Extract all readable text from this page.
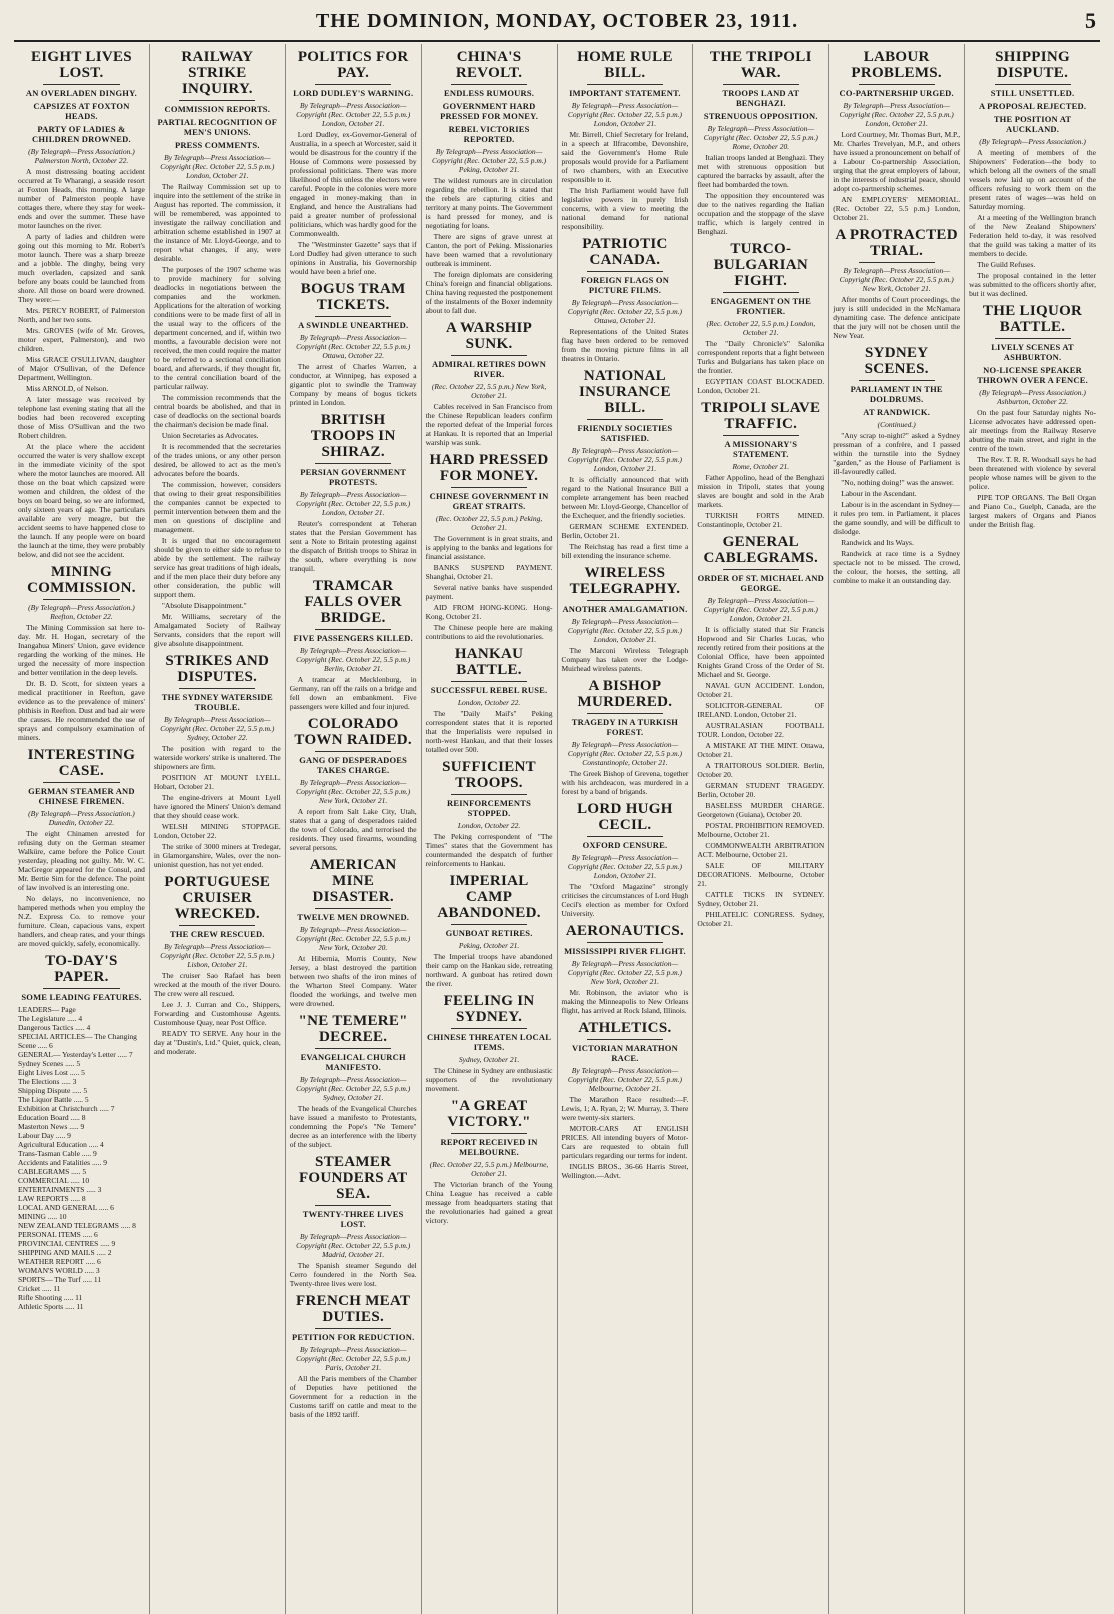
THE DOMINION, MONDAY, OCTOBER 23, 1911.	5
EIGHT LIVES LOST.
AN OVERLADEN DINGHY.
CAPSIZES AT FOXTON HEADS.
PARTY OF LADIES & CHILDREN DROWNED.
(By Telegraph—Press Association.) Palmerston North, October 22.

A most distressing boating accident occurred at Te Wharangi, a seaside resort at Foxton Heads, this morning. A large number of Palmerston people have cottages there, where they stay for week-ends and over the summer. These have motor launches on the river.

A party of ladies and children were going out this morning to Mr. Robert's motor launch. There was a sharp breeze and a jobble. The dinghy, being very much overladen, capsized and sank before any boats could be launched from shore. All those on board were drowned. They were:—

Mrs. PERCY ROBERT, of Palmerston North, and her two sons.

Mrs. GROVES (wife of Mr. Groves, motor expert, Palmerston), and two children.

Miss GRACE O'SULLIVAN, daughter of Major O'Sullivan, of the Defence Department, Wellington.

Miss ARNOLD, of Nelson.

A later message was received by telephone last evening stating that all the bodies had been recovered excepting those of Miss O'Sullivan and the two Robert children.

At the place where the accident occurred the water is very shallow except in the immediate vicinity of the spot where the motor launches are moored. All those on the boat which capsized were women and children, the oldest of the boys on board being, so we are informed, only sixteen years of age. The particulars available are very meagre, but the accident seems to have happened close to the launch. If any people were on board the launch at the time, they were probably below, and did not see the accident.

MINING COMMISSION.
(By Telegraph—Press Association.) Reefton, October 22.

The Mining Commission sat here to-day. Mr. H. Hogan, secretary of the Inangahua Miners' Union, gave evidence regarding the working of the mines. He urged the necessity of more inspection and better ventilation in the deep levels.

Dr. B. D. Scott, for sixteen years a medical practitioner in Reefton, gave evidence as to the prevalence of miners' phthisis in Reefton. Dust and bad air were the causes. He recommended the use of sprays and compulsory examination of miners.

INTERESTING CASE.
GERMAN STEAMER AND CHINESE FIREMEN.
(By Telegraph—Press Association.) Dunedin, October 22.

The eight Chinamen arrested for refusing duty on the German steamer Walküre, came before the Police Court yesterday, pleading not guilty. Mr. W. C. MacGregor appeared for the Consul, and Mr. Bertie Sim for the defence. The point of law involved is an interesting one.

No delays, no inconvenience, no hampered methods when you employ the N.Z. Express Co. to remove your furniture. Clean, capacious vans, expert handlers, and cheap rates, and your things are moved quickly, safely, economically.

TO-DAY'S PAPER.
SOME LEADING FEATURES.
LEADERS— Page
The Legislature ..... 4
Dangerous Tactics ..... 4
SPECIAL ARTICLES— The Changing Scene ..... 6
GENERAL— Yesterday's Letter ..... 7
Sydney Scenes ..... 5
Eight Lives Lost ..... 5
The Elections ..... 3
Shipping Dispute ..... 5
The Liquor Battle ..... 5
Exhibition at Christchurch ..... 7
Education Board ..... 8
Masterton News ..... 9
Labour Day ..... 9
Agricultural Education ..... 4
Trans-Tasman Cable ..... 9
Accidents and Fatalities ..... 9
CABLEGRAMS ..... 5
COMMERCIAL ..... 10
ENTERTAINMENTS ..... 3
LAW REPORTS ..... 8
LOCAL AND GENERAL ..... 6
MINING ..... 10
NEW ZEALAND TELEGRAMS ..... 8
PERSONAL ITEMS ..... 6
PROVINCIAL CENTRES ..... 9
SHIPPING AND MAILS ..... 2
WEATHER REPORT ..... 6
WOMAN'S WORLD ..... 3
SPORTS— The Turf ..... 11
Cricket ..... 11
Rifle Shooting ..... 11
Athletic Sports ..... 11
RAILWAY STRIKE INQUIRY.
COMMISSION REPORTS.
PARTIAL RECOGNITION OF MEN'S UNIONS.
PRESS COMMENTS.
By Telegraph—Press Association—Copyright (Rec. October 22, 5.5 p.m.) London, October 21.

The Railway Commission set up to inquire into the settlement of the strike in August has reported. The commission, it will be remembered, was appointed to investigate the railway conciliation and arbitration scheme established in 1907 at the instance of Mr. Lloyd-George, and to report what changes, if any, were desirable.

The purposes of the 1907 scheme was to provide machinery for solving deadlocks in negotiations between the companies and the workmen. Applications for the alteration of working conditions were to be made first of all in the usual way to the officers of the department concerned, and if, within two months, a favourable decision were not received, the men could require the matter to be referred to a sectional conciliation board, and afterwards, if they thought fit, to the central conciliation board of the particular railway.

The commission recommends that the central boards be abolished, and that in case of deadlocks on the sectional boards the chairman's decision be made final.

Union Secretaries as Advocates.

It is recommended that the secretaries of the trades unions, or any other person desired, be allowed to act as the men's advocates before the boards.

The commission, however, considers that owing to their great responsibilities the companies cannot be expected to permit intervention between them and the men on questions of discipline and management.

It is urged that no encouragement should be given to either side to refuse to abide by the settlement. The railway service has great traditions of high ideals, and if the men place their duty before any other consideration, the public will support them.

"Absolute Disappointment."

Mr. Williams, secretary of the Amalgamated Society of Railway Servants, considers that the report will give absolute disappointment.

STRIKES AND DISPUTES.
THE SYDNEY WATERSIDE TROUBLE.
By Telegraph—Press Association—Copyright (Rec. October 22, 5.5 p.m.) Sydney, October 22.

The position with regard to the waterside workers' strike is unaltered. The shipowners are firm.

POSITION AT MOUNT LYELL. Hobart, October 21.

The engine-drivers at Mount Lyell have ignored the Miners' Union's demand that they should cease work.

WELSH MINING STOPPAGE. London, October 22.

The strike of 3000 miners at Tredegar, in Glamorganshire, Wales, over the non-unionist question, has not yet ended.

PORTUGUESE CRUISER WRECKED.
THE CREW RESCUED.
By Telegraph—Press Association—Copyright (Rec. October 22, 5.5 p.m.) Lisbon, October 21.

The cruiser Sao Rafael has been wrecked at the mouth of the river Douro. The crew were all rescued.

Lee J. J. Curran and Co., Shippers, Forwarding and Customhouse Agents. Customhouse Quay, near Post Office.

READY TO SERVE. Any hour in the day at "Dustin's, Ltd." Quiet, quick, clean, and moderate.

POLITICS FOR PAY.
LORD DUDLEY'S WARNING.
By Telegraph—Press Association—Copyright (Rec. October 22, 5.5 p.m.) London, October 21.

Lord Dudley, ex-Governor-General of Australia, in a speech at Worcester, said it would be disastrous for the country if the House of Commons were possessed by professional politicians. There was more likelihood of this unless the electors were careful. People in the colonies were more engaged in money-making than in England, and hence the Australians had paid a greater number of professional politicians, which was hardly good for the Commonwealth.

The "Westminster Gazette" says that if Lord Dudley had given utterance to such opinions in Australia, his Governorship would have been a brief one.

BOGUS TRAM TICKETS.
A SWINDLE UNEARTHED.
By Telegraph—Press Association—Copyright (Rec. October 22, 5.5 p.m.) Ottawa, October 22.

The arrest of Charles Warren, a conductor, at Winnipeg, has exposed a gigantic plot to swindle the Tramway Company by means of bogus tickets printed in London.

BRITISH TROOPS IN SHIRAZ.
PERSIAN GOVERNMENT PROTESTS.
By Telegraph—Press Association—Copyright (Rec. October 22, 5.5 p.m.) London, October 21.

Reuter's correspondent at Teheran states that the Persian Government has sent a Note to Britain protesting against the dispatch of British troops to Shiraz in the south, where everything is now tranquil.

TRAMCAR FALLS OVER BRIDGE.
FIVE PASSENGERS KILLED.
By Telegraph—Press Association—Copyright (Rec. October 22, 5.5 p.m.) Berlin, October 21.

A tramcar at Mecklenburg, in Germany, ran off the rails on a bridge and fell down an embankment. Five passengers were killed and four injured.

COLORADO TOWN RAIDED.
GANG OF DESPERADOES TAKES CHARGE.
By Telegraph—Press Association—Copyright (Rec. October 22, 5.5 p.m.) New York, October 21.

A report from Salt Lake City, Utah, states that a gang of desperadoes raided the town of Colorado, and terrorised the residents. They used firearms, wounding several persons.

AMERICAN MINE DISASTER.
TWELVE MEN DROWNED.
By Telegraph—Press Association—Copyright (Rec. October 22, 5.5 p.m.) New York, October 20.

At Hibernia, Morris County, New Jersey, a blast destroyed the partition between two shafts of the iron mines of the Wharton Steel Company. Water flooded the workings, and twelve men were drowned.

"NE TEMERE" DECREE.
EVANGELICAL CHURCH MANIFESTO.
By Telegraph—Press Association—Copyright (Rec. October 22, 5.5 p.m.) Sydney, October 21.

The heads of the Evangelical Churches have issued a manifesto to Protestants, condemning the Pope's "Ne Temere" decree as an interference with the liberty of the subject.

STEAMER FOUNDERS AT SEA.
TWENTY-THREE LIVES LOST.
By Telegraph—Press Association—Copyright (Rec. October 22, 5.5 p.m.) Madrid, October 21.

The Spanish steamer Segundo del Cerro foundered in the North Sea. Twenty-three lives were lost.

FRENCH MEAT DUTIES.
PETITION FOR REDUCTION.
By Telegraph—Press Association—Copyright (Rec. October 22, 5.5 p.m.) Paris, October 21.

All the Paris members of the Chamber of Deputies have petitioned the Government for a reduction in the Customs tariff on cattle and meat to the basis of the 1892 tariff.

CHINA'S REVOLT.
ENDLESS RUMOURS.
GOVERNMENT HARD PRESSED FOR MONEY.
REBEL VICTORIES REPORTED.
By Telegraph—Press Association—Copyright (Rec. October 22, 5.5 p.m.) Peking, October 21.

The wildest rumours are in circulation regarding the rebellion. It is stated that the rebels are capturing cities and territory at many points. The Government is hard pressed for money, and is negotiating for loans.

There are signs of grave unrest at Canton, the port of Peking. Missionaries have been warned that a revolutionary outbreak is imminent.

The foreign diplomats are considering China's foreign and financial obligations. China having requested the postponement of the instalments of the Boxer indemnity about to fall due.

A WARSHIP SUNK.
ADMIRAL RETIRES DOWN RIVER.
(Rec. October 22, 5.5 p.m.) New York, October 21.

Cables received in San Francisco from the Chinese Republican leaders confirm the reported defeat of the Imperial forces at Hankau. It is reported that an Imperial warship was sunk.

HARD PRESSED FOR MONEY.
CHINESE GOVERNMENT IN GREAT STRAITS.
(Rec. October 22, 5.5 p.m.) Peking, October 21.

The Government is in great straits, and is applying to the banks and legations for financial assistance.

BANKS SUSPEND PAYMENT. Shanghai, October 21.

Several native banks have suspended payment.

AID FROM HONG-KONG. Hong-Kong, October 21.

The Chinese people here are making contributions to aid the revolutionaries.

HANKAU BATTLE.
SUCCESSFUL REBEL RUSE.
London, October 22.

The "Daily Mail's" Peking correspondent states that it is reported that the Imperialists were repulsed in north-west Hankau, and that their losses totalled over 500.

SUFFICIENT TROOPS.
REINFORCEMENTS STOPPED.
London, October 22.

The Peking correspondent of "The Times" states that the Government has countermanded the despatch of further reinforcements to Hankau.

IMPERIAL CAMP ABANDONED.
GUNBOAT RETIRES.
Peking, October 21.

The Imperial troops have abandoned their camp on the Hankau side, retreating northward. A gunboat has retired down the river.

FEELING IN SYDNEY.
CHINESE THREATEN LOCAL ITEMS.
Sydney, October 21.

The Chinese in Sydney are enthusiastic supporters of the revolutionary movement.

"A GREAT VICTORY."
REPORT RECEIVED IN MELBOURNE.
(Rec. October 22, 5.5 p.m.) Melbourne, October 21.

The Victorian branch of the Young China League has received a cable message from headquarters stating that the revolutionaries had gained a great victory.

HOME RULE BILL.
IMPORTANT STATEMENT.
By Telegraph—Press Association—Copyright (Rec. October 22, 5.5 p.m.) London, October 21.

Mr. Birrell, Chief Secretary for Ireland, in a speech at Ilfracombe, Devonshire, said the Government's Home Rule proposals would provide for a Parliament of two chambers, with an Executive responsible to it.

The Irish Parliament would have full legislative powers in purely Irish concerns, with a view to meeting the national demand for national responsibility.

PATRIOTIC CANADA.
FOREIGN FLAGS ON PICTURE FILMS.
By Telegraph—Press Association—Copyright (Rec. October 22, 5.5 p.m.) Ottawa, October 21.

Representations of the United States flag have been ordered to be removed from the moving picture films in all theatres in Ontario.

NATIONAL INSURANCE BILL.
FRIENDLY SOCIETIES SATISFIED.
By Telegraph—Press Association—Copyright (Rec. October 22, 5.5 p.m.) London, October 21.

It is officially announced that with regard to the National Insurance Bill a complete arrangement has been reached between Mr. Lloyd-George, Chancellor of the Exchequer, and the friendly societies.

GERMAN SCHEME EXTENDED. Berlin, October 21.

The Reichstag has read a first time a bill extending the insurance scheme.

WIRELESS TELEGRAPHY.
ANOTHER AMALGAMATION.
By Telegraph—Press Association—Copyright (Rec. October 22, 5.5 p.m.) London, October 21.

The Marconi Wireless Telegraph Company has taken over the Lodge-Muirhead wireless patents.

A BISHOP MURDERED.
TRAGEDY IN A TURKISH FOREST.
By Telegraph—Press Association—Copyright (Rec. October 22, 5.5 p.m.) Constantinople, October 21.

The Greek Bishop of Grevena, together with his archdeacon, was murdered in a forest by a band of brigands.

LORD HUGH CECIL.
OXFORD CENSURE.
By Telegraph—Press Association—Copyright (Rec. October 22, 5.5 p.m.) London, October 21.

The "Oxford Magazine" strongly criticises the circumstances of Lord Hugh Cecil's election as member for Oxford University.

AERONAUTICS.
MISSISSIPPI RIVER FLIGHT.
By Telegraph—Press Association—Copyright (Rec. October 22, 5.5 p.m.) New York, October 21.

Mr. Robinson, the aviator who is making the Minneapolis to New Orleans flight, has arrived at Rock Island, Illinois.

ATHLETICS.
VICTORIAN MARATHON RACE.
By Telegraph—Press Association—Copyright (Rec. October 22, 5.5 p.m.) Melbourne, October 21.

The Marathon Race resulted:—F. Lewis, 1; A. Ryan, 2; W. Murray, 3. There were twenty-six starters.

MOTOR-CARS AT ENGLISH PRICES. All intending buyers of Motor-Cars are requested to obtain full particulars regarding our terms for indent.

INGLIS BROS., 36-66 Harris Street, Wellington.—Advt.

THE TRIPOLI WAR.
TROOPS LAND AT BENGHAZI.
STRENUOUS OPPOSITION.
By Telegraph—Press Association—Copyright (Rec. October 22, 5.5 p.m.) Rome, October 20.

Italian troops landed at Benghazi. They met with strenuous opposition but captured the barracks by assault, after the fleet had bombarded the town.

The opposition they encountered was due to the natives regarding the Italian occupation and the stoppage of the slave traffic, which is largely centred in Benghazi.

TURCO-BULGARIAN FIGHT.
ENGAGEMENT ON THE FRONTIER.
(Rec. October 22, 5.5 p.m.) London, October 21.

The "Daily Chronicle's" Salonika correspondent reports that a fight between Turks and Bulgarians has taken place on the frontier.

EGYPTIAN COAST BLOCKADED. London, October 21.

TRIPOLI SLAVE TRAFFIC.
A MISSIONARY'S STATEMENT.
Rome, October 21.

Father Appolino, head of the Benghazi mission in Tripoli, states that young slaves are bought and sold in the Arab markets.

TURKISH FORTS MINED. Constantinople, October 21.

GENERAL CABLEGRAMS.
ORDER OF ST. MICHAEL AND GEORGE.
By Telegraph—Press Association—Copyright (Rec. October 22, 5.5 p.m.) London, October 21.

It is officially stated that Sir Francis Hopwood and Sir Charles Lucas, who recently retired from their positions at the Colonial Office, have been appointed Knights Grand Cross of the Order of St. Michael and St. George.

NAVAL GUN ACCIDENT. London, October 21.

SOLICITOR-GENERAL OF IRELAND. London, October 21.

AUSTRALASIAN FOOTBALL TOUR. London, October 22.

A MISTAKE AT THE MINT. Ottawa, October 21.

A TRAITOROUS SOLDIER. Berlin, October 20.

GERMAN STUDENT TRAGEDY. Berlin, October 20.

BASELESS MURDER CHARGE. Georgetown (Guiana), October 20.

POSTAL PROHIBITION REMOVED. Melbourne, October 21.

COMMONWEALTH ARBITRATION ACT. Melbourne, October 21.

SALE OF MILITARY DECORATIONS. Melbourne, October 21.

CATTLE TICKS IN SYDNEY. Sydney, October 21.

PHILATELIC CONGRESS. Sydney, October 21.

LABOUR PROBLEMS.
CO-PARTNERSHIP URGED.
By Telegraph—Press Association—Copyright (Rec. October 22, 5.5 p.m.) London, October 21.

Lord Courtney, Mr. Thomas Burt, M.P., Mr. Charles Trevelyan, M.P., and others have issued a pronouncement on behalf of a Labour Co-partnership Association, urging that the great employers of labour, in the interests of industrial peace, should adopt co-partnership schemes.

AN EMPLOYERS' MEMORIAL. (Rec. October 22, 5.5 p.m.) London, October 21.

A PROTRACTED TRIAL.
By Telegraph—Press Association—Copyright (Rec. October 22, 5.5 p.m.) New York, October 21.

After months of Court proceedings, the jury is still undecided in the McNamara dynamiting case. The defence anticipate that the jury will not be chosen until the New Year.

SYDNEY SCENES.
PARLIAMENT IN THE DOLDRUMS.
AT RANDWICK.
(Continued.)

"Any scrap to-night?" asked a Sydney pressman of a confrère, and I passed within the turnstile into the Sydney "garden," as the House of Parliament is ill-favouredly called.

"No, nothing doing!" was the answer.

Labour in the Ascendant.

Labour is in the ascendant in Sydney—it rules pro tem. in Parliament, it places the game soundly, and will be difficult to dislodge.

Randwick and Its Ways.

Randwick at race time is a Sydney spectacle not to be missed. The crowd, the colour, the horses, the setting, all combine to make it an outstanding day.

SHIPPING DISPUTE.
STILL UNSETTLED.
A PROPOSAL REJECTED.
THE POSITION AT AUCKLAND.
(By Telegraph—Press Association.)

A meeting of members of the Shipowners' Federation—the body to which belong all the owners of the small vessels now laid up on account of the officers refusing to work them on the present rates of wages—was held on Saturday morning.

At a meeting of the Wellington branch of the New Zealand Shipowners' Federation held to-day, it was resolved that the guild was taking a matter of its members to decide.

The Guild Refuses.

The proposal contained in the letter was submitted to the officers shortly after, but it was declined.

THE LIQUOR BATTLE.
LIVELY SCENES AT ASHBURTON.
NO-LICENSE SPEAKER THROWN OVER A FENCE.
(By Telegraph—Press Association.) Ashburton, October 22.

On the past four Saturday nights No-License advocates have addressed open-air meetings from the Railway Reserve abutting the main street, and right in the centre of the town.

The Rev. T. R. R. Woodsall says he had been threatened with violence by several people whose names will be given to the police.

PIPE TOP ORGANS. The Bell Organ and Piano Co., Guelph, Canada, are the largest makers of Organs and Pianos under the British flag.
